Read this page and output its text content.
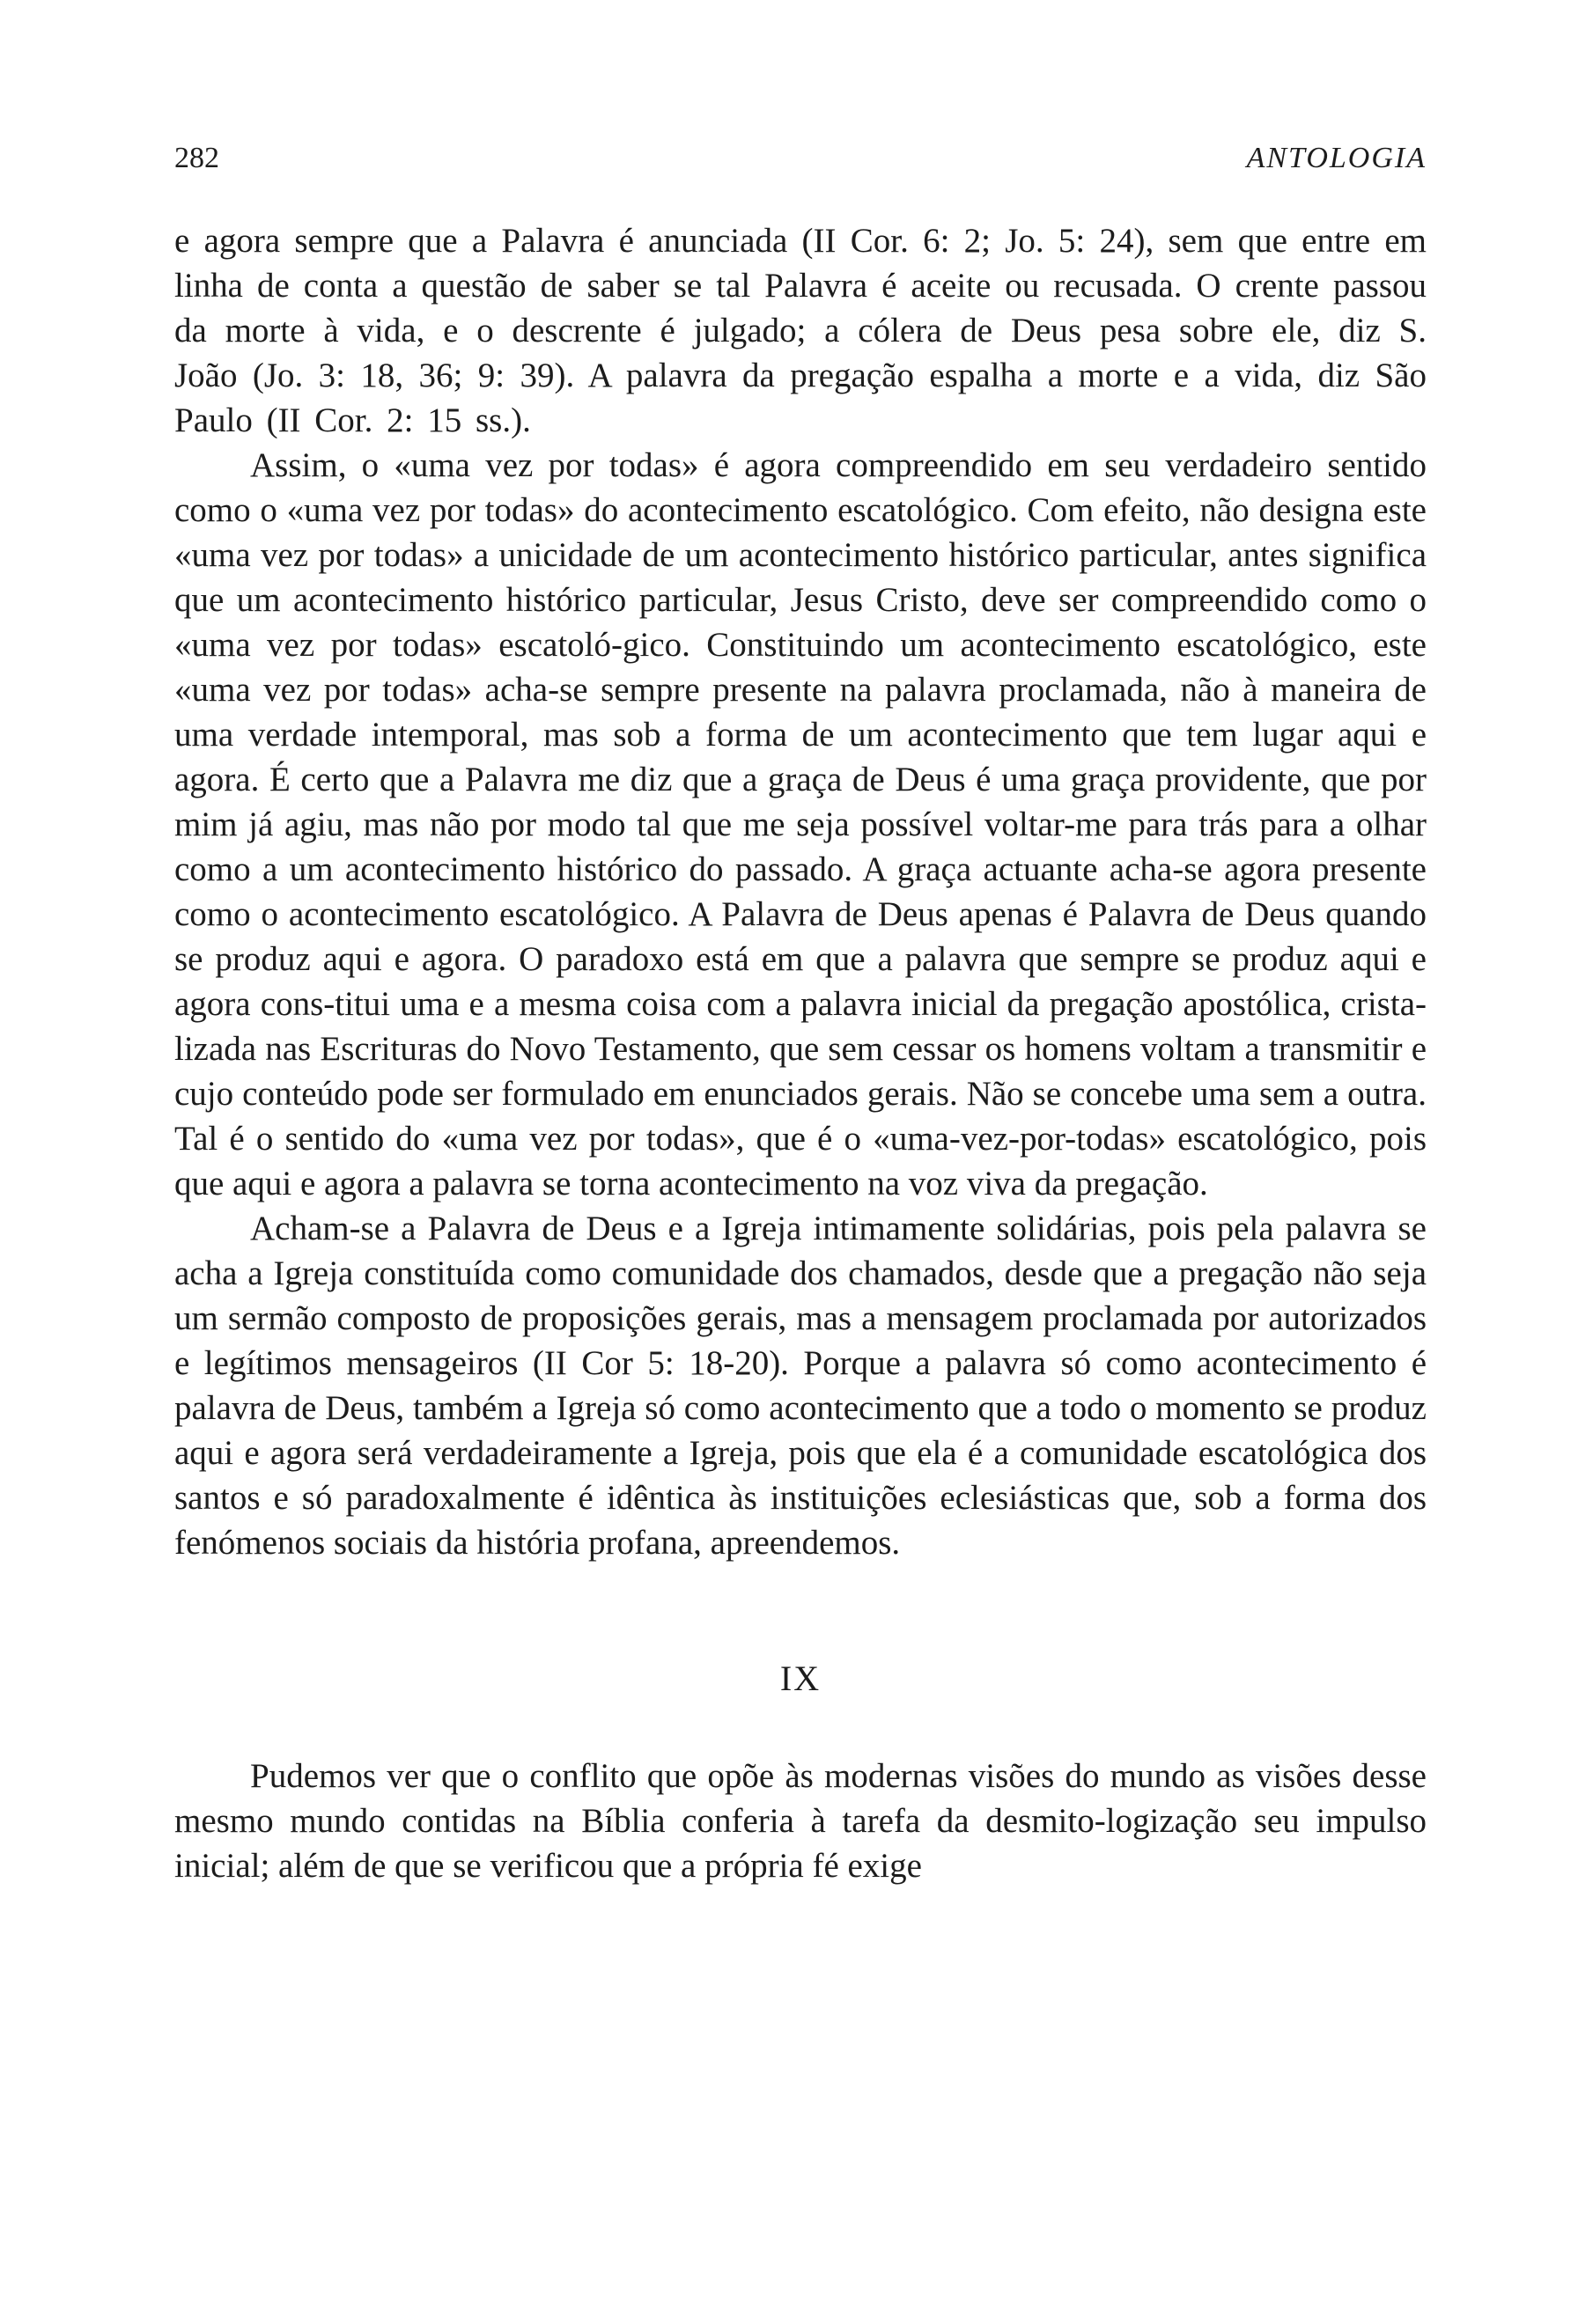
282	ANTOLOGIA

e agora sempre que a Palavra é anunciada (II Cor. 6: 2; Jo. 5: 24), sem que entre em linha de conta a questão de saber se tal Palavra é aceite ou recusada. O crente passou da morte à vida, e o descrente é julgado; a cólera de Deus pesa sobre ele, diz S. João (Jo. 3: 18, 36; 9: 39). A palavra da pregação espalha a morte e a vida, diz São Paulo (II Cor. 2: 15 ss.).

Assim, o «uma vez por todas» é agora compreendido em seu verdadeiro sentido como o «uma vez por todas» do acontecimento escatológico. Com efeito, não designa este «uma vez por todas» a unicidade de um acontecimento histórico particular, antes significa que um acontecimento histórico particular, Jesus Cristo, deve ser compreendido como o «uma vez por todas» escatoló-gico. Constituindo um acontecimento escatológico, este «uma vez por todas» acha-se sempre presente na palavra proclamada, não à maneira de uma verdade intemporal, mas sob a forma de um acontecimento que tem lugar aqui e agora. É certo que a Palavra me diz que a graça de Deus é uma graça providente, que por mim já agiu, mas não por modo tal que me seja possível voltar-me para trás para a olhar como a um acontecimento histórico do passado. A graça actuante acha-se agora presente como o acontecimento escatológico. A Palavra de Deus apenas é Palavra de Deus quando se produz aqui e agora. O paradoxo está em que a palavra que sempre se produz aqui e agora cons-titui uma e a mesma coisa com a palavra inicial da pregação apostólica, crista-lizada nas Escrituras do Novo Testamento, que sem cessar os homens voltam a transmitir e cujo conteúdo pode ser formulado em enunciados gerais. Não se concebe uma sem a outra. Tal é o sentido do «uma vez por todas», que é o «uma-vez-por-todas» escatológico, pois que aqui e agora a palavra se torna acontecimento na voz viva da pregação.

Acham-se a Palavra de Deus e a Igreja intimamente solidárias, pois pela palavra se acha a Igreja constituída como comunidade dos chamados, desde que a pregação não seja um sermão composto de proposições gerais, mas a mensagem proclamada por autorizados e legítimos mensageiros (II Cor 5: 18-20). Porque a palavra só como acontecimento é palavra de Deus, também a Igreja só como acontecimento que a todo o momento se produz aqui e agora será verdadeiramente a Igreja, pois que ela é a comunidade escatológica dos santos e só paradoxalmente é idêntica às instituições eclesiásticas que, sob a forma dos fenómenos sociais da história profana, apreendemos.

IX

Pudemos ver que o conflito que opõe às modernas visões do mundo as visões desse mesmo mundo contidas na Bíblia conferia à tarefa da desmito-logização seu impulso inicial; além de que se verificou que a própria fé exige
